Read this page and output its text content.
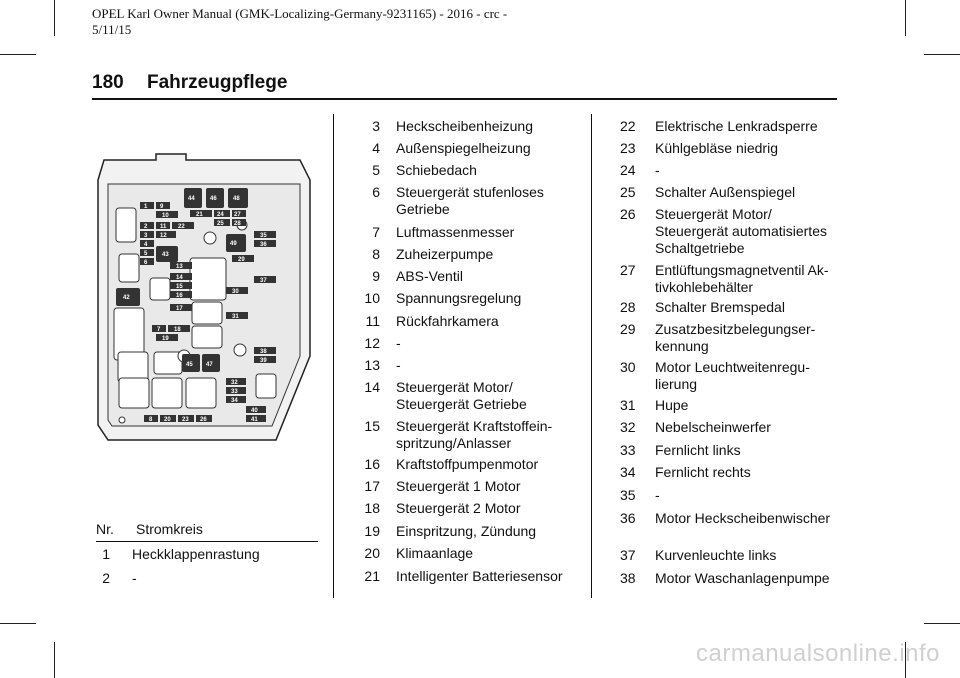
OPEL Karl Owner Manual (GMK-Localizing-Germany-9231165) - 2016 - crc - 5/11/15
180 Fahrzeugpflege
1 9
10
2 11 22
3 12
4
43
5
6
13
14
15
16
17
7 18
19
42
44	46	48
21 24 27
25 28
49
35
36
29
37
30
31
38
39
45 47
32
33
34
40
41
8 20 23 26
Nr. Stromkreis
1 Heckklappenrastung
2 -
3 Heckscheibenheizung
4 Außenspiegelheizung
5 Schiebedach
6 Steuergerät stufenloses
Getriebe
7 Luftmassenmesser
8 Zuheizerpumpe
9 ABS-Ventil
10 Spannungsregelung
11 Rückfahrkamera
12 -
13 -
14 Steuergerät Motor/
Steuergerät Getriebe
15 Steuergerät Kraftstoffein-
spritzung/Anlasser
16 Kraftstoffpumpenmotor
17 Steuergerät 1 Motor
18 Steuergerät 2 Motor
19 Einspritzung, Zündung
20 Klimaanlage
21 Intelligenter Batteriesensor
22	Elektrische Lenkradsperre
23	Kühlgebläse niedrig
24	-
25	Schalter Außenspiegel
26	Steuergerät Motor/
Steuergerät automatisiertes
Schaltgetriebe
27	Entlüftungsmagnetventil Ak-
tivkohlebehälter
28	Schalter Bremspedal
29	Zusatzbesitzbelegungser-
kennung
30	Motor Leuchtweitenregu-
lierung
31	Hupe
32	Nebelscheinwerfer
33	Fernlicht links
34	Fernlicht rechts
35	-
36	Motor Heckscheibenwischer
37	Kurvenleuchte links
38	Motor Waschanlagenpumpe
carmanualsonline.info
